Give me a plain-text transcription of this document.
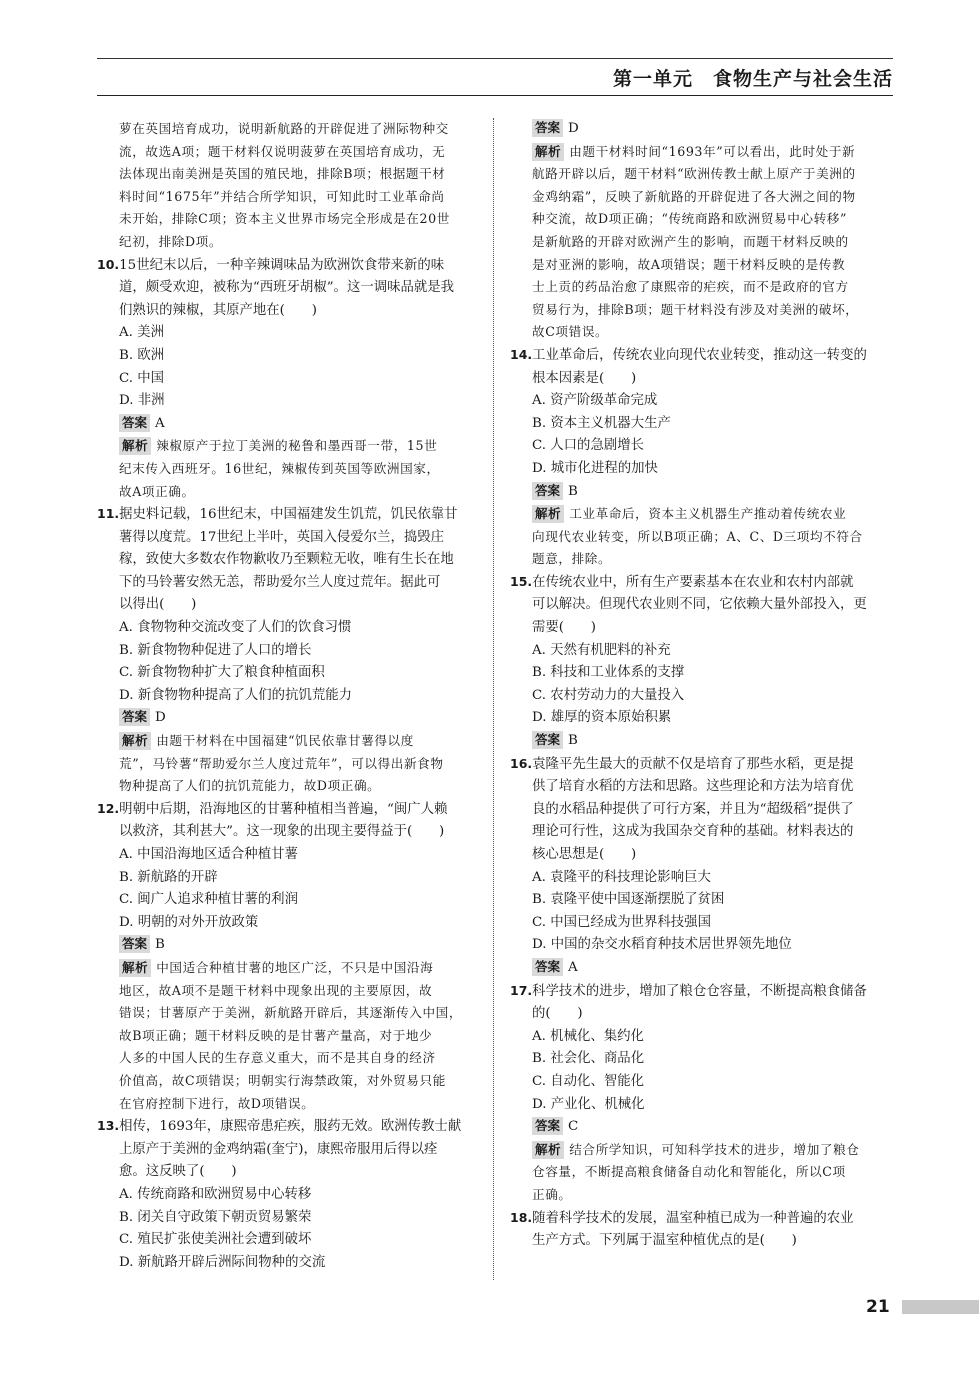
第一单元　食物生产与社会生活
萝在英国培育成功，说明新航路的开辟促进了洲际物种交
流，故选A项；题干材料仅说明菠萝在英国培育成功，无
法体现出南美洲是英国的殖民地，排除B项；根据题干材
料时间“1675年”并结合所学知识，可知此时工业革命尚
未开始，排除C项；资本主义世界市场完全形成是在20世
纪初，排除D项。
10.15世纪末以后，一种辛辣调味品为欧洲饮食带来新的味
道，颇受欢迎，被称为“西班牙胡椒”。这一调味品就是我
们熟识的辣椒，其原产地在(　　)
A. 美洲
B. 欧洲
C. 中国
D. 非洲
答案 A
解析 辣椒原产于拉丁美洲的秘鲁和墨西哥一带，15世
纪末传入西班牙。16世纪，辣椒传到英国等欧洲国家，
故A项正确。
11.据史料记载，16世纪末，中国福建发生饥荒，饥民依靠甘
薯得以度荒。17世纪上半叶，英国入侵爱尔兰，捣毁庄
稼，致使大多数农作物歉收乃至颗粒无收，唯有生长在地
下的马铃薯安然无恙，帮助爱尔兰人度过荒年。据此可
以得出(　　)
A. 食物物种交流改变了人们的饮食习惯
B. 新食物物种促进了人口的增长
C. 新食物物种扩大了粮食种植面积
D. 新食物物种提高了人们的抗饥荒能力
答案 D
解析 由题干材料在中国福建“饥民依靠甘薯得以度
荒”，马铃薯“帮助爱尔兰人度过荒年”，可以得出新食物
物种提高了人们的抗饥荒能力，故D项正确。
12.明朝中后期，沿海地区的甘薯种植相当普遍，“闽广人赖
以救济，其利甚大”。这一现象的出现主要得益于(　　)
A. 中国沿海地区适合种植甘薯
B. 新航路的开辟
C. 闽广人追求种植甘薯的利润
D. 明朝的对外开放政策
答案 B
解析 中国适合种植甘薯的地区广泛，不只是中国沿海
地区，故A项不是题干材料中现象出现的主要原因，故
错误；甘薯原产于美洲，新航路开辟后，其逐渐传入中国，
故B项正确；题干材料反映的是甘薯产量高，对于地少
人多的中国人民的生存意义重大，而不是其自身的经济
价值高，故C项错误；明朝实行海禁政策，对外贸易只能
在官府控制下进行，故D项错误。
13.相传，1693年，康熙帝患疟疾，服药无效。欧洲传教士献
上原产于美洲的金鸡纳霜(奎宁)，康熙帝服用后得以痊
愈。这反映了(　　)
A. 传统商路和欧洲贸易中心转移
B. 闭关自守政策下朝贡贸易繁荣
C. 殖民扩张使美洲社会遭到破坏
D. 新航路开辟后洲际间物种的交流
答案 D
解析 由题干材料时间“1693年”可以看出，此时处于新
航路开辟以后，题干材料“欧洲传教士献上原产于美洲的
金鸡纳霜”，反映了新航路的开辟促进了各大洲之间的物
种交流，故D项正确；“传统商路和欧洲贸易中心转移”
是新航路的开辟对欧洲产生的影响，而题干材料反映的
是对亚洲的影响，故A项错误；题干材料反映的是传教
士上贡的药品治愈了康熙帝的疟疾，而不是政府的官方
贸易行为，排除B项；题干材料没有涉及对美洲的破坏，
故C项错误。
14.工业革命后，传统农业向现代农业转变，推动这一转变的
根本因素是(　　)
A. 资产阶级革命完成
B. 资本主义机器大生产
C. 人口的急剧增长
D. 城市化进程的加快
答案 B
解析 工业革命后，资本主义机器生产推动着传统农业
向现代农业转变，所以B项正确；A、C、D三项均不符合
题意，排除。
15.在传统农业中，所有生产要素基本在农业和农村内部就
可以解决。但现代农业则不同，它依赖大量外部投入，更
需要(　　)
A. 天然有机肥料的补充
B. 科技和工业体系的支撑
C. 农村劳动力的大量投入
D. 雄厚的资本原始积累
答案 B
16.袁隆平先生最大的贡献不仅是培育了那些水稻，更是提
供了培育水稻的方法和思路。这些理论和方法为培育优
良的水稻品种提供了可行方案，并且为“超级稻”提供了
理论可行性，这成为我国杂交育种的基础。材料表达的
核心思想是(　　)
A. 袁隆平的科技理论影响巨大
B. 袁隆平使中国逐渐摆脱了贫困
C. 中国已经成为世界科技强国
D. 中国的杂交水稻育种技术居世界领先地位
答案 A
17.科学技术的进步，增加了粮仓仓容量，不断提高粮食储备
的(　　)
A. 机械化、集约化
B. 社会化、商品化
C. 自动化、智能化
D. 产业化、机械化
答案 C
解析 结合所学知识，可知科学技术的进步，增加了粮仓
仓容量，不断提高粮食储备自动化和智能化，所以C项
正确。
18.随着科学技术的发展，温室种植已成为一种普遍的农业
生产方式。下列属于温室种植优点的是(　　)
21
